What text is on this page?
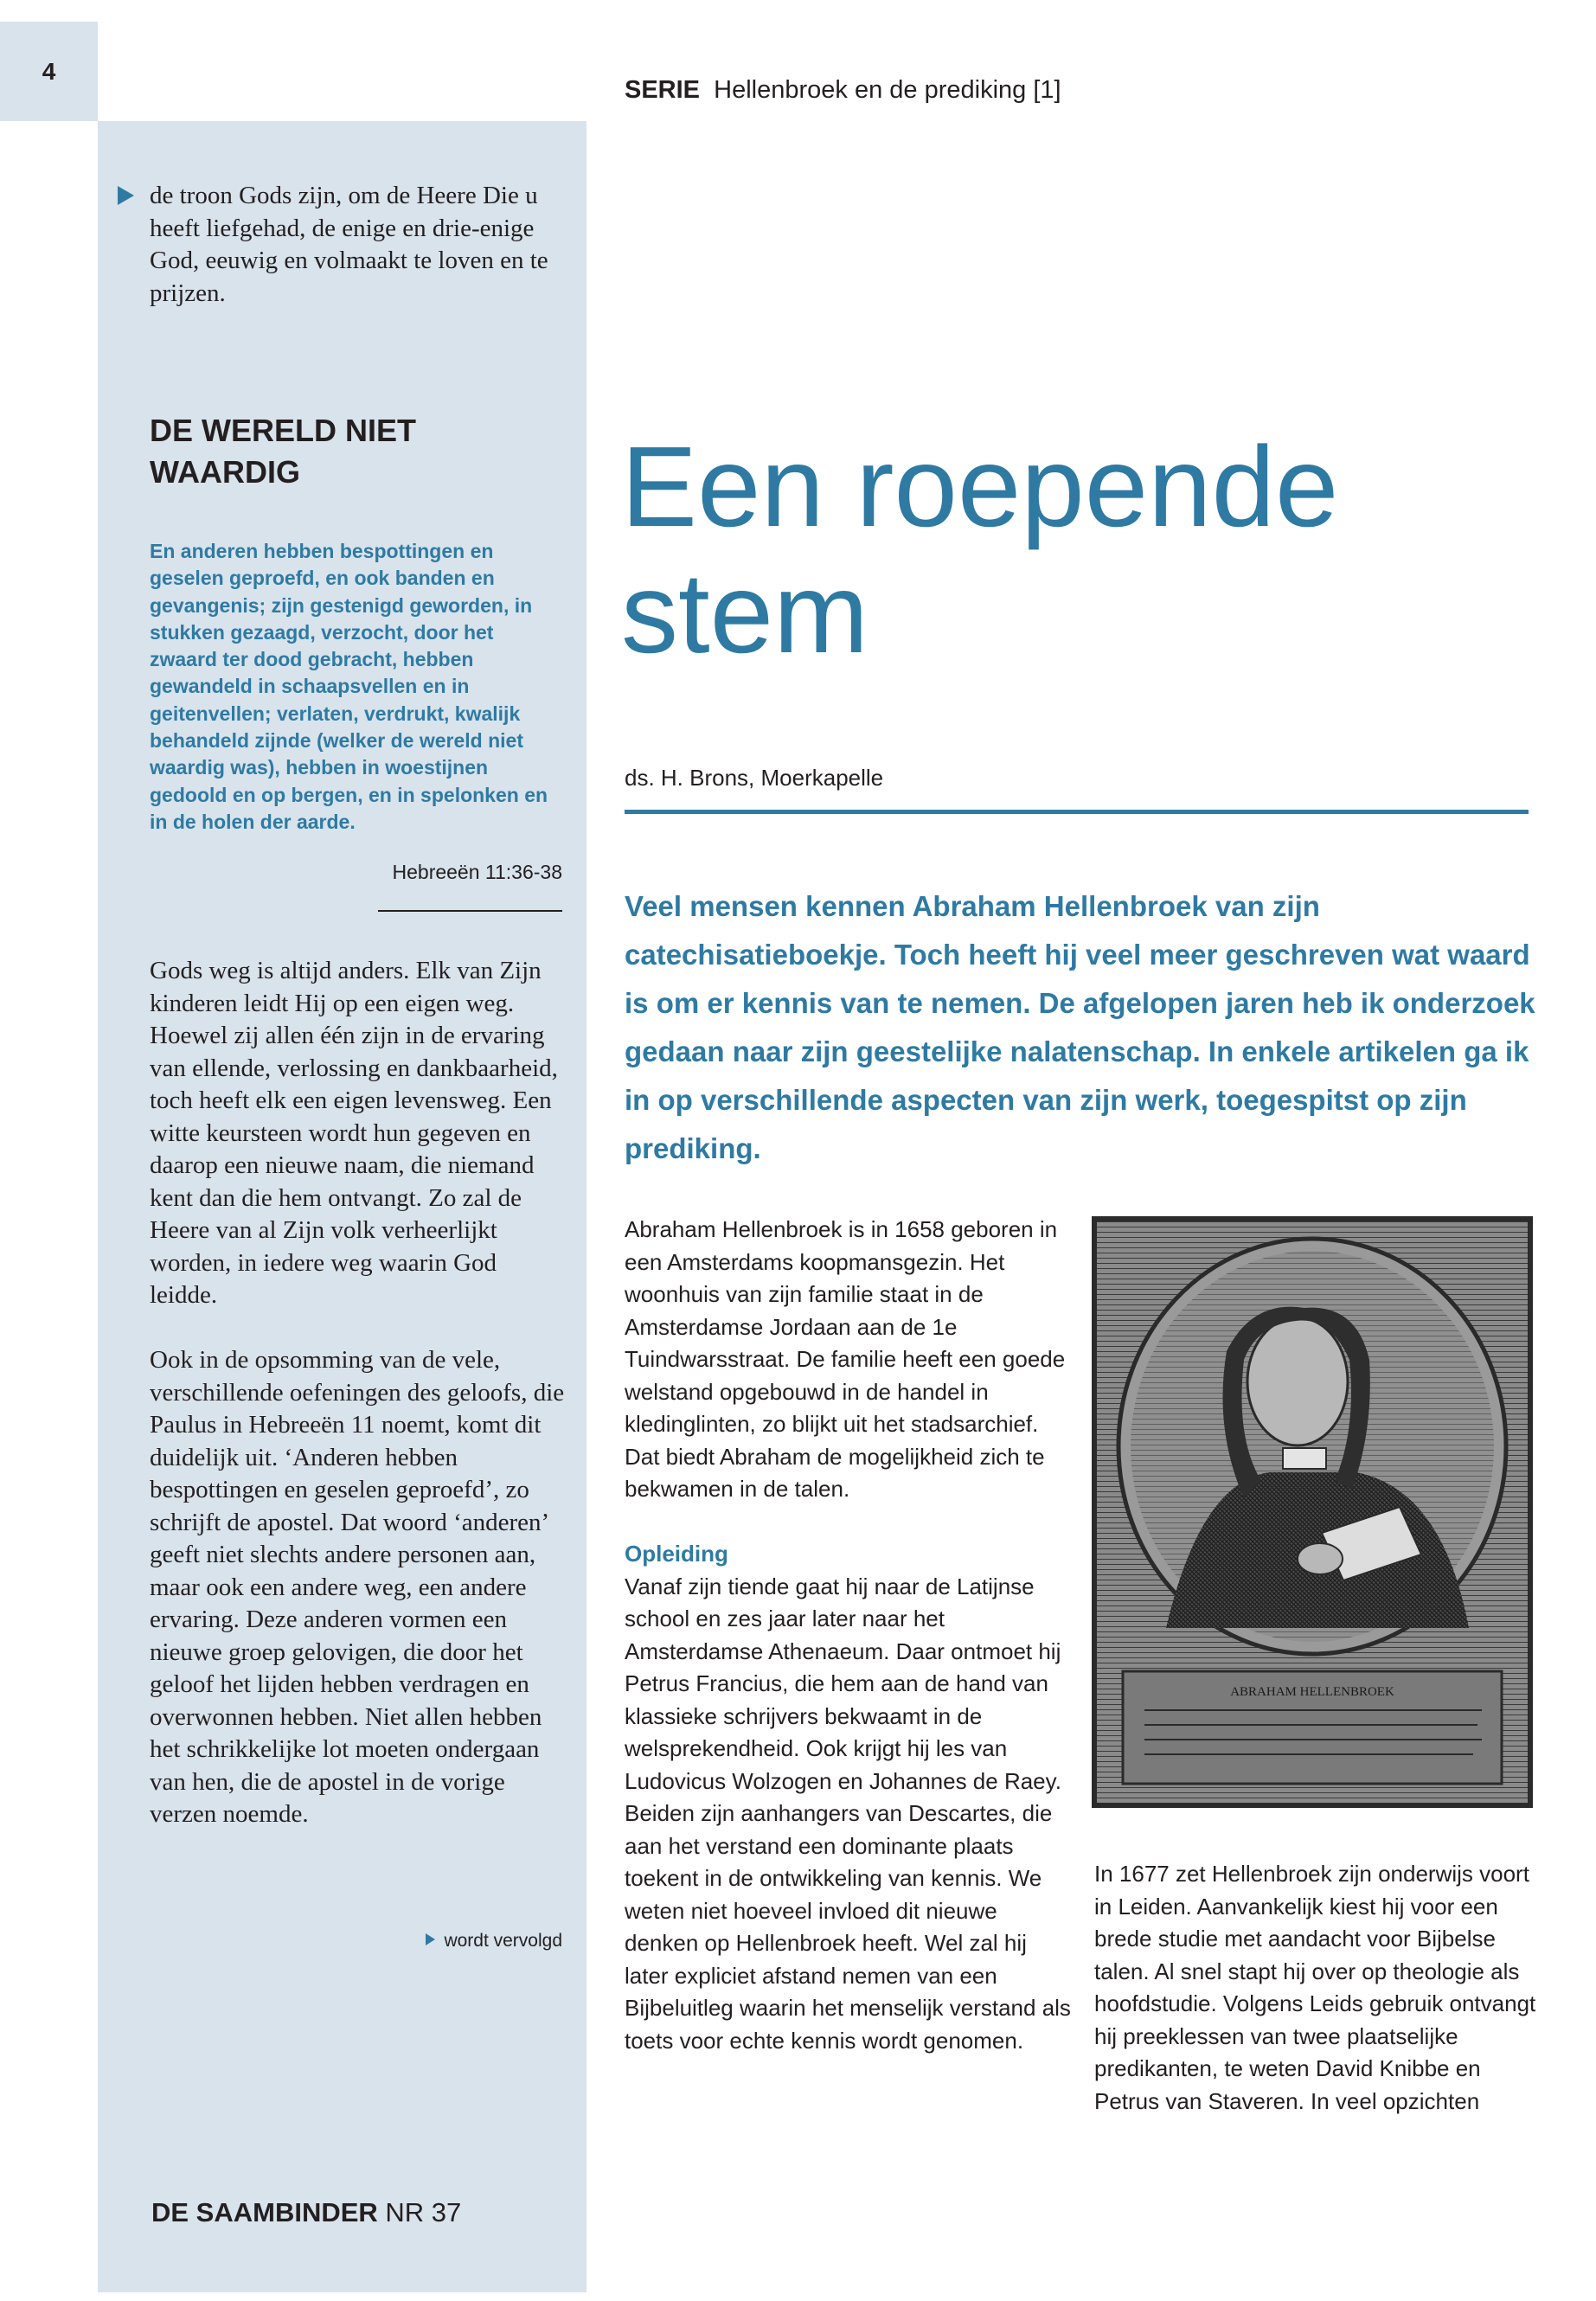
4
SERIE Hellenbroek en de prediking [1]
de troon Gods zijn, om de Heere Die u heeft liefgehad, de enige en drie-enige God, eeuwig en volmaakt te loven en te prijzen.
DE WERELD NIET WAARDIG
En anderen hebben bespottingen en geselen geproefd, en ook banden en gevangenis; zijn gestenigd geworden, in stukken gezaagd, verzocht, door het zwaard ter dood gebracht, hebben gewandeld in schaapsvellen en in geitenvellen; verlaten, verdrukt, kwalijk behandeld zijnde (welker de wereld niet waardig was), hebben in woestijnen gedoold en op bergen, en in spelonken en in de holen der aarde.
Hebreeën 11:36-38

Gods weg is altijd anders. Elk van Zijn kinderen leidt Hij op een eigen weg. Hoewel zij allen één zijn in de ervaring van ellende, verlossing en dankbaarheid, toch heeft elk een eigen levensweg. Een witte keursteen wordt hun gegeven en daarop een nieuwe naam, die niemand kent dan die hem ontvangt. Zo zal de Heere van al Zijn volk verheerlijkt worden, in iedere weg waarin God leidde.

Ook in de opsomming van de vele, verschillende oefeningen des geloofs, die Paulus in Hebreeën 11 noemt, komt dit duidelijk uit. ‘Anderen hebben bespottingen en geselen geproefd’, zo schrijft de apostel. Dat woord ‘anderen’ geeft niet slechts andere personen aan, maar ook een andere weg, een andere ervaring. Deze anderen vormen een nieuwe groep gelovigen, die door het geloof het lijden hebben verdragen en overwonnen hebben. Niet allen hebben het schrikkelijke lot moeten ondergaan van hen, die de apostel in de vorige verzen noemde.

wordt vervolgd
DE SAAMBINDER NR 37
Een roepende stem
ds. H. Brons, Moerkapelle
Veel mensen kennen Abraham Hellenbroek van zijn catechisatieboekje. Toch heeft hij veel meer geschreven wat waard is om er kennis van te nemen. De afgelopen jaren heb ik onderzoek gedaan naar zijn geestelijke nalatenschap. In enkele artikelen ga ik in op verschillende aspecten van zijn werk, toegespitst op zijn prediking.

Abraham Hellenbroek is in 1658 geboren in een Amsterdams koopmansgezin. Het woonhuis van zijn familie staat in de Amsterdamse Jordaan aan de 1e Tuindwarsstraat. De familie heeft een goede welstand opgebouwd in de handel in kledinglinten, zo blijkt uit het stadsarchief. Dat biedt Abraham de mogelijkheid zich te bekwamen in de talen.

Opleiding

Vanaf zijn tiende gaat hij naar de Latijnse school en zes jaar later naar het Amsterdamse Athenaeum. Daar ontmoet hij Petrus Francius, die hem aan de hand van klassieke schrijvers bekwaamt in de welsprekendheid. Ook krijgt hij les van Ludovicus Wolzogen en Johannes de Raey. Beiden zijn aanhangers van Descartes, die aan het verstand een dominante plaats toekent in de ontwikkeling van kennis. We weten niet hoeveel invloed dit nieuwe denken op Hellenbroek heeft. Wel zal hij later expliciet afstand nemen van een Bijbeluitleg waarin het menselijk verstand als toets voor echte kennis wordt genomen.

ABRAHAM HELLENBROEK

In 1677 zet Hellenbroek zijn onderwijs voort in Leiden. Aanvankelijk kiest hij voor een brede studie met aandacht voor Bijbelse talen. Al snel stapt hij over op theologie als hoofdstudie. Volgens Leids gebruik ontvangt hij preeklessen van twee plaatselijke predikanten, te weten David Knibbe en Petrus van Staveren. In veel opzichten
